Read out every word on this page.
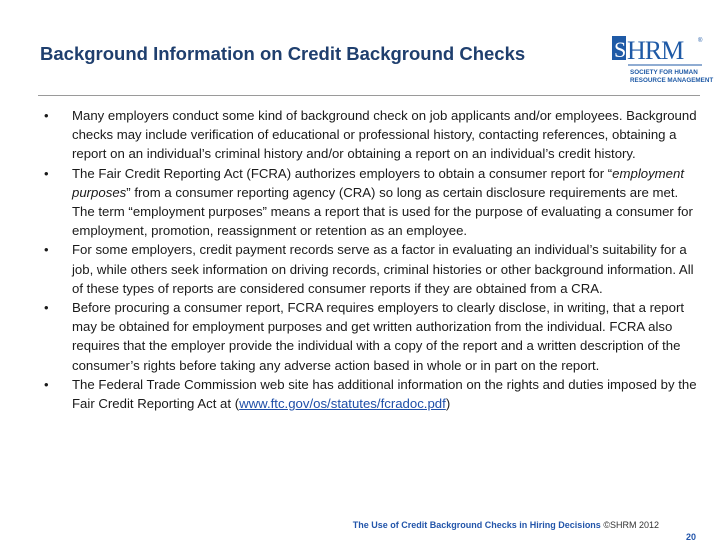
Background Information on Credit Background Checks	S HRM ®
SOCIETY FOR HUMAN
RESOURCE MANAGEMENT
• Many employers conduct some kind of background check on job applicants and/or employees. Background checks may include verification of educational or professional history, contacting references, obtaining a report on an individual’s criminal history and/or obtaining a report on an individual’s credit history.
• The Fair Credit Reporting Act (FCRA) authorizes employers to obtain a consumer report for “employment purposes” from a consumer reporting agency (CRA) so long as certain disclosure requirements are met. The term “employment purposes” means a report that is used for the purpose of evaluating a consumer for employment, promotion, reassignment or retention as an employee.
• For some employers, credit payment records serve as a factor in evaluating an individual’s suitability for a job, while others seek information on driving records, criminal histories or other background information. All of these types of reports are considered consumer reports if they are obtained from a CRA.
• Before procuring a consumer report, FCRA requires employers to clearly disclose, in writing, that a report may be obtained for employment purposes and get written authorization from the individual. FCRA also requires that the employer provide the individual with a copy of the report and a written description of the consumer’s rights before taking any adverse action based in whole or in part on the report.
• The Federal Trade Commission web site has additional information on the rights and duties imposed by the Fair Credit Reporting Act at (www.ftc.gov/os/statutes/fcradoc.pdf)
The Use of Credit Background Checks in Hiring Decisions ©SHRM 2012
20
